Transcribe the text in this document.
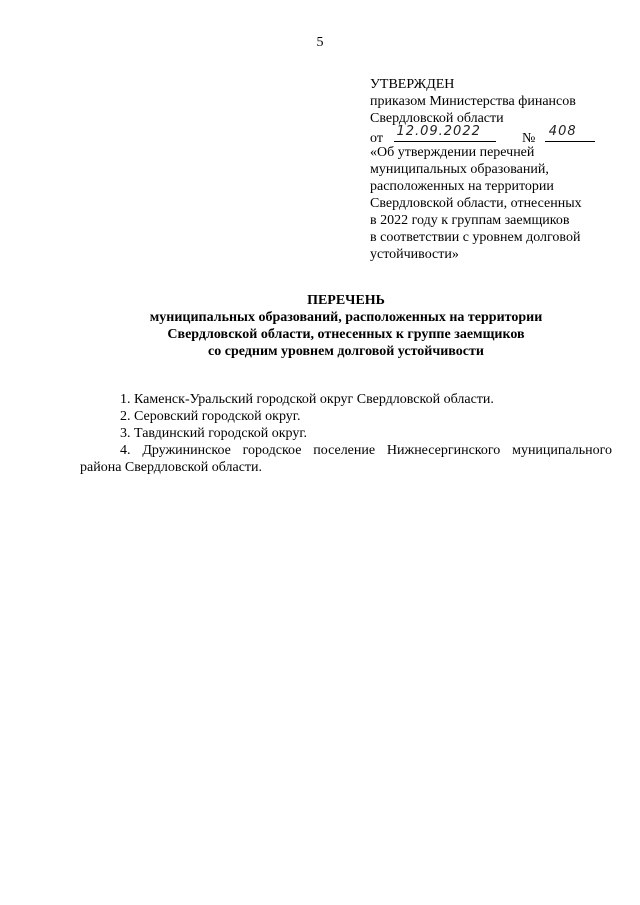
5
УТВЕРЖДЕН
приказом Министерства финансов
Свердловской области
от 12.09.2022	№ 408
«Об утверждении перечней
муниципальных образований,
расположенных на территории
Свердловской области, отнесенных
в 2022 году к группам заемщиков
в соответствии с уровнем долговой
устойчивости»
ПЕРЕЧЕНЬ
муниципальных образований, расположенных на территории
Свердловской области, отнесенных к группе заемщиков
со средним уровнем долговой устойчивости
1. Каменск-Уральский городской округ Свердловской области.
2. Серовский городской округ.
3. Тавдинский городской округ.
4. Дружининское городское поселение Нижнесергинского муниципального района Свердловской области.
